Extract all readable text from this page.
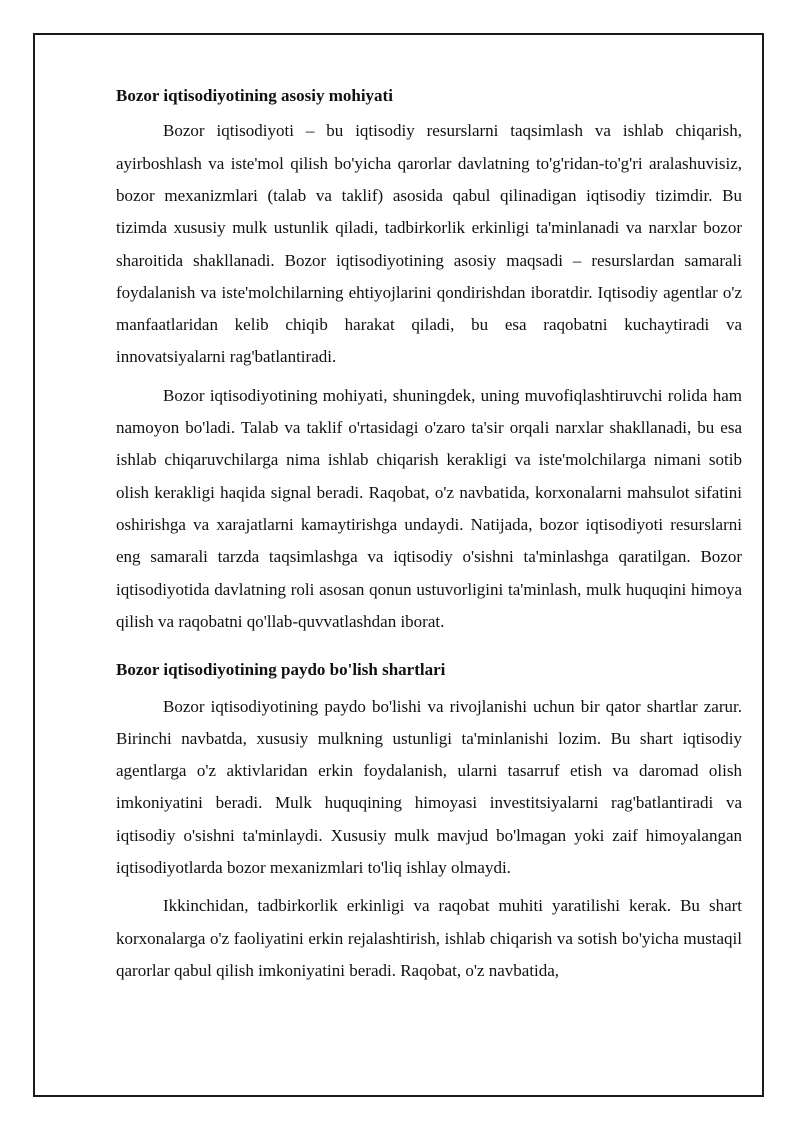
Bozor iqtisodiyotining asosiy mohiyati

Bozor iqtisodiyoti – bu iqtisodiy resurslarni taqsimlash va ishlab chiqarish, ayirboshlash va iste'mol qilish bo'yicha qarorlar davlatning to'g'ridan-to'g'ri aralashuvisiz, bozor mexanizmlari (talab va taklif) asosida qabul qilinadigan iqtisodiy tizimdir. Bu tizimda xususiy mulk ustunlik qiladi, tadbirkorlik erkinligi ta'minlanadi va narxlar bozor sharoitida shakllanadi. Bozor iqtisodiyotining asosiy maqsadi – resurslardan samarali foydalanish va iste'molchilarning ehtiyojlarini qondirishdan iboratdir. Iqtisodiy agentlar o'z manfaatlaridan kelib chiqib harakat qiladi, bu esa raqobatni kuchaytiradi va innovatsiyalarni rag'batlantiradi.

Bozor iqtisodiyotining mohiyati, shuningdek, uning muvofiqlashtiruvchi rolida ham namoyon bo'ladi. Talab va taklif o'rtasidagi o'zaro ta'sir orqali narxlar shakllanadi, bu esa ishlab chiqaruvchilarga nima ishlab chiqarish kerakligi va iste'molchilarga nimani sotib olish kerakligi haqida signal beradi. Raqobat, o'z navbatida, korxonalarni mahsulot sifatini oshirishga va xarajatlarni kamaytirishga undaydi. Natijada, bozor iqtisodiyoti resurslarni eng samarali tarzda taqsimlashga va iqtisodiy o'sishni ta'minlashga qaratilgan. Bozor iqtisodiyotida davlatning roli asosan qonun ustuvorligini ta'minlash, mulk huquqini himoya qilish va raqobatni qo'llab-quvvatlashdan iborat.

Bozor iqtisodiyotining paydo bo'lish shartlari

Bozor iqtisodiyotining paydo bo'lishi va rivojlanishi uchun bir qator shartlar zarur. Birinchi navbatda, xususiy mulkning ustunligi ta'minlanishi lozim. Bu shart iqtisodiy agentlarga o'z aktivlaridan erkin foydalanish, ularni tasarruf etish va daromad olish imkoniyatini beradi. Mulk huquqining himoyasi investitsiyalarni rag'batlantiradi va iqtisodiy o'sishni ta'minlaydi. Xususiy mulk mavjud bo'lmagan yoki zaif himoyalangan iqtisodiyotlarda bozor mexanizmlari to'liq ishlay olmaydi.

Ikkinchidan, tadbirkorlik erkinligi va raqobat muhiti yaratilishi kerak. Bu shart korxonalarga o'z faoliyatini erkin rejalashtirish, ishlab chiqarish va sotish bo'yicha mustaqil qarorlar qabul qilish imkoniyatini beradi. Raqobat, o'z navbatida,
